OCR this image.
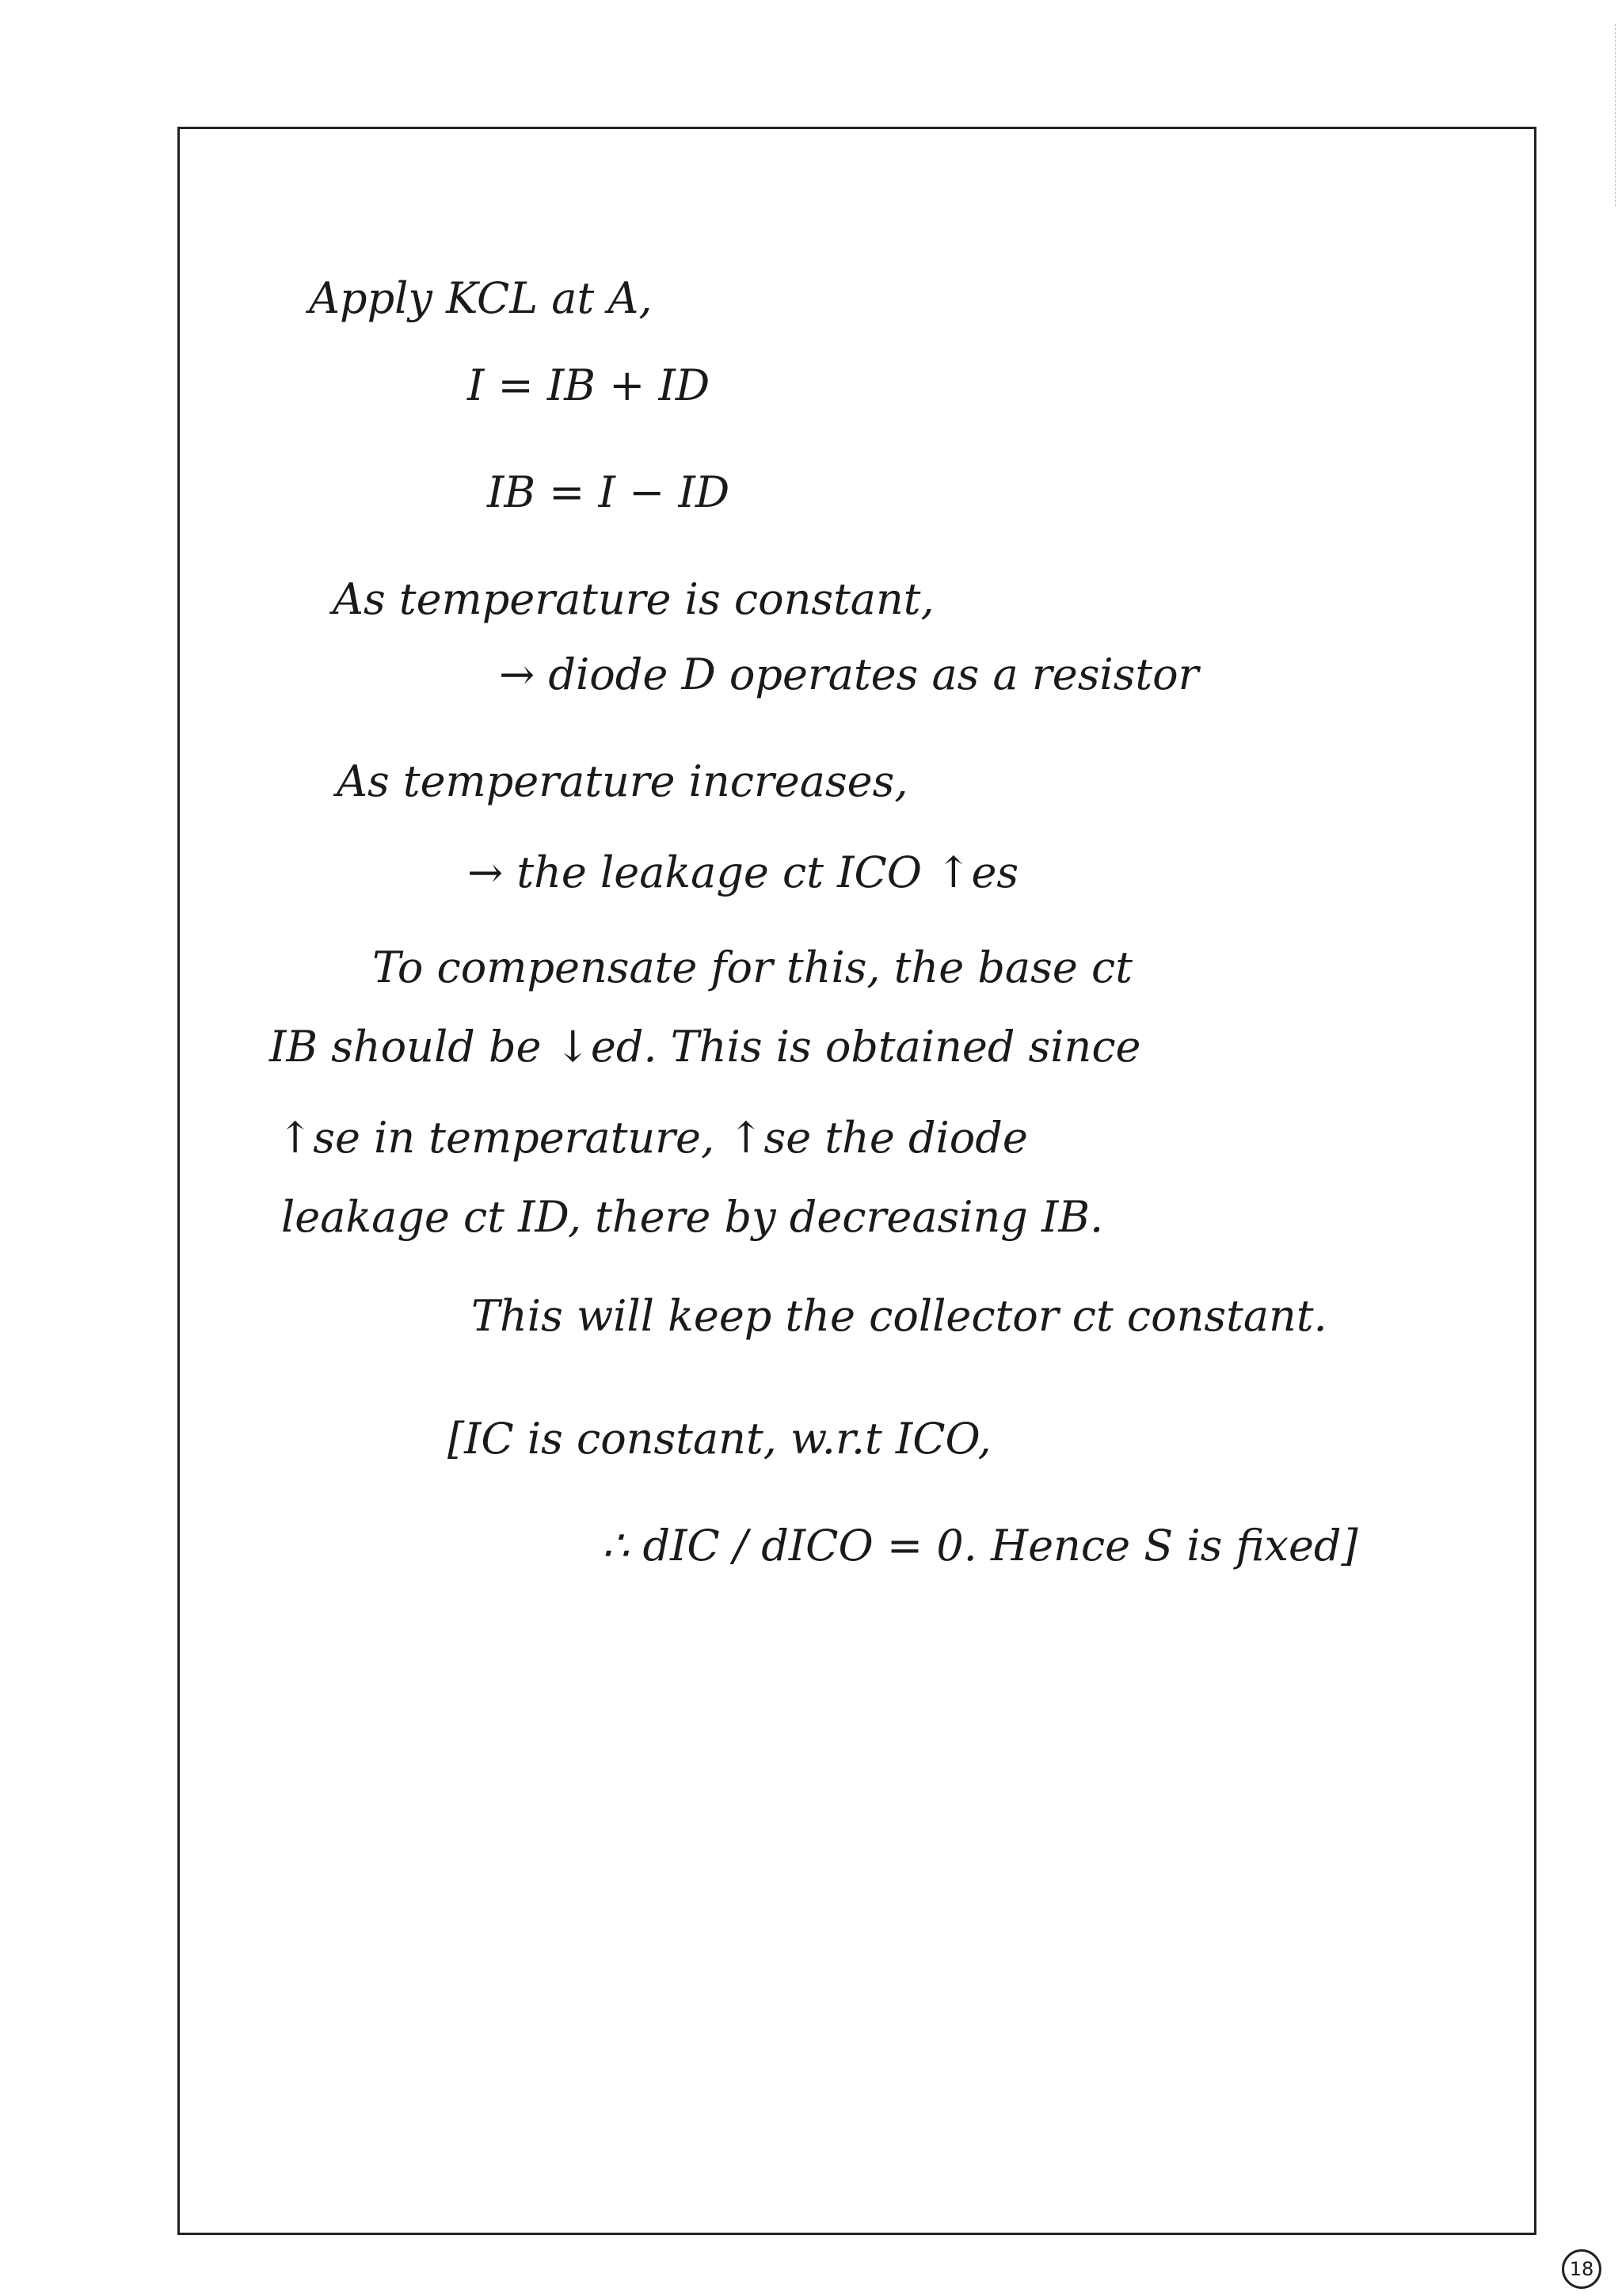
Apply KCL at A,
I = IB + ID
IB = I − ID
As temperature is constant,
→ diode D operates as a resistor
As temperature increases,
→ the leakage ct ICO ↑es
To compensate for this, the base ct
IB should be ↓ed. This is obtained since
↑se in temperature, ↑se the diode
leakage ct ID, there by decreasing IB.
This will keep the collector ct constant.
[IC is constant, w.r.t ICO,
∴ dIC / dICO = 0. Hence S is fixed]
18
